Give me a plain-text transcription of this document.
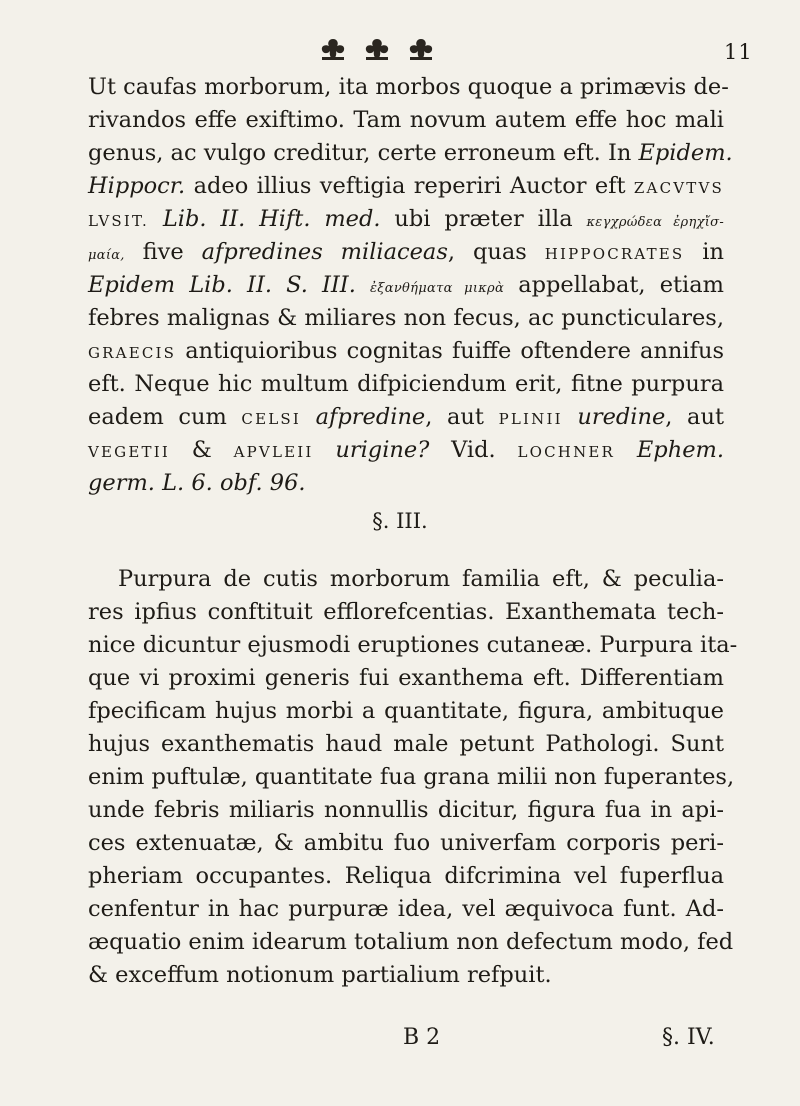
11
Ut caufas morborum, ita morbos quoque a primævis de-
rivandos effe exiftimo. Tam novum autem effe hoc mali
genus, ac vulgo creditur, certe erroneum eft. In Epidem.
Hippocr. adeo illius veftigia reperiri Auctor eft ZACVTVS
LVSIT. Lib. II. Hift. med. ubi præter illa κεγχρώδεα ἐρηχἴσ-
μαία, five afpredines miliaceas, quas HIPPOCRATES in
Epidem Lib. II. S. III. ἐξανθήματα μικρὰ appellabat, etiam
febres malignas & miliares non fecus, ac puncticulares,
GRAECIS antiquioribus cognitas fuiffe oftendere annifus
eft. Neque hic multum difpiciendum erit, fitne purpura
eadem cum CELSI afpredine, aut PLINII uredine, aut
VEGETII & APVLEII urigine? Vid. LOCHNER Ephem.
germ. L. 6. obf. 96.
§. III.
Purpura de cutis morborum familia eft, & peculia-
res ipfius conftituit efflorefcentias. Exanthemata tech-
nice dicuntur ejusmodi eruptiones cutaneæ. Purpura ita-
que vi proximi generis fui exanthema eft. Differentiam
fpecificam hujus morbi a quantitate, figura, ambituque
hujus exanthematis haud male petunt Pathologi. Sunt
enim puftulæ, quantitate fua grana milii non fuperantes,
unde febris miliaris nonnullis dicitur, figura fua in api-
ces extenuatæ, & ambitu fuo univerfam corporis peri-
pheriam occupantes. Reliqua difcrimina vel fuperflua
cenfentur in hac purpuræ idea, vel æquivoca funt. Ad-
æquatio enim idearum totalium non defectum modo, fed
& exceffum notionum partialium refpuit.
B 2	§. IV.
